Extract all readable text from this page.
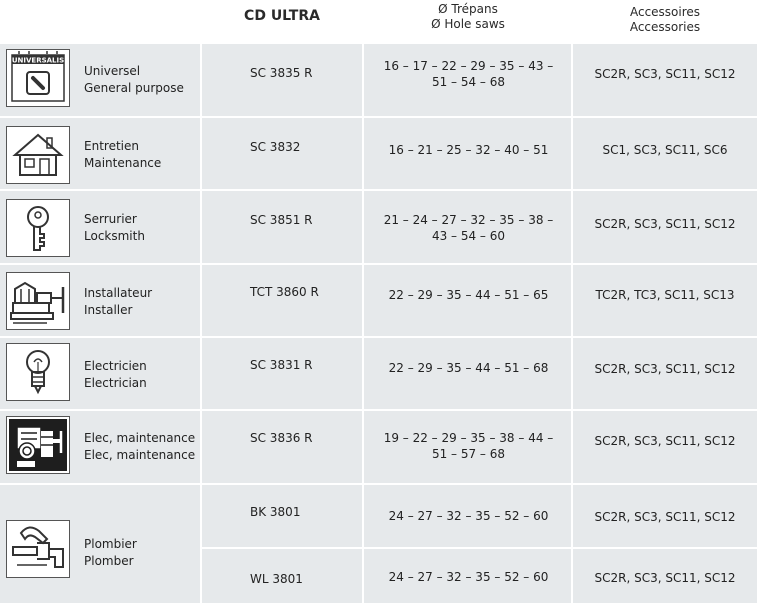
CD ULTRA	Ø Trépans
Ø Hole saws
Accessoires
Accessories
UNIVERSALIS
Universel
General purpose
SC 3835 R	16 – 17 – 22 – 29 – 35 – 43 –
51 – 54 – 68
SC2R, SC3, SC11, SC12
Entretien
Maintenance
SC 3832	16 – 21 – 25 – 32 – 40 – 51	SC1, SC3, SC11, SC6
Serrurier
Locksmith
SC 3851 R	21 – 24 – 27 – 32 – 35 – 38 –
43 – 54 – 60
SC2R, SC3, SC11, SC12
Installateur
Installer
TCT 3860 R	22 – 29 – 35 – 44 – 51 – 65	TC2R, TC3, SC11, SC13
Electricien
Electrician
SC 3831 R	22 – 29 – 35 – 44 – 51 – 68	SC2R, SC3, SC11, SC12
Elec, maintenance
Elec, maintenance
SC 3836 R	19 – 22 – 29 – 35 – 38 – 44 –
51 – 57 – 68
SC2R, SC3, SC11, SC12
Plombier
Plomber
BK 3801	24 – 27 – 32 – 35 – 52 – 60	SC2R, SC3, SC11, SC12
WL 3801	24 – 27 – 32 – 35 – 52 – 60	SC2R, SC3, SC11, SC12
